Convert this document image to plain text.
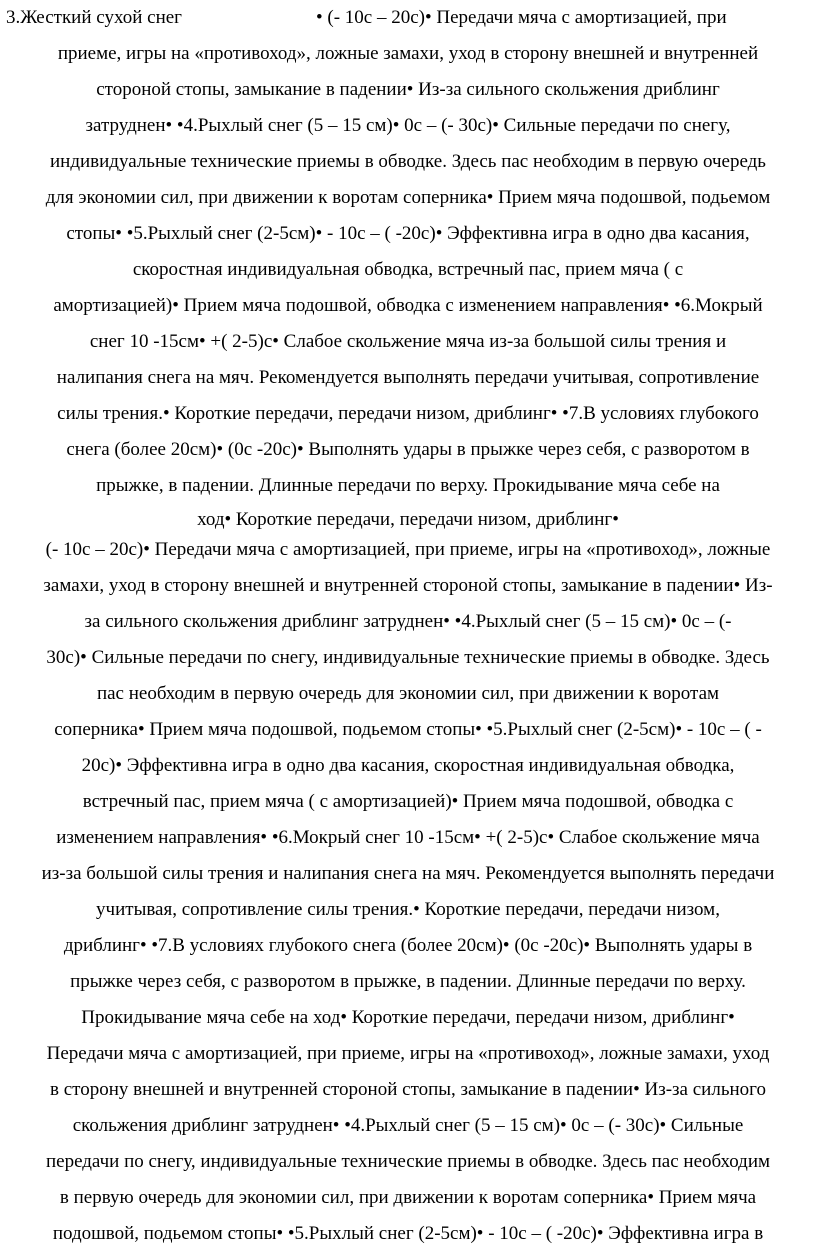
3.Жесткий сухой снег	• (- 10с – 20с)• Передачи мяча с амортизацией, при
приеме, игры на «противоход», ложные замахи, уход в сторону внешней и внутренней
стороной стопы, замыкание в падении• Из-за сильного скольжения дриблинг
затруднен• •4.Рыхлый снег (5 – 15 см)• 0с – (- 30с)• Сильные передачи по снегу,
индивидуальные технические приемы в обводке. Здесь пас необходим в первую очередь
для экономии сил, при движении к воротам соперника• Прием мяча подошвой, подьемом
стопы• •5.Рыхлый снег (2-5см)• - 10с – ( -20с)• Эффективна игра в одно два касания,
скоростная индивидуальная обводка, встречный пас, прием мяча ( с
амортизацией)• Прием мяча подошвой, обводка с изменением направления• •6.Мокрый
снег 10 -15см• +( 2-5)с• Слабое скольжение мяча из-за большой силы трения и
налипания снега на мяч. Рекомендуется выполнять передачи учитывая, сопротивление
силы трения.• Короткие передачи, передачи низом, дриблинг• •7.В условиях глубокого
снега (более 20см)• (0с -20с)• Выполнять удары в прыжке через себя, с разворотом в
прыжке, в падении. Длинные передачи по верху. Прокидывание мяча себе на
ход• Короткие передачи, передачи низом, дриблинг•
(- 10с – 20с)• Передачи мяча с амортизацией, при приеме, игры на «противоход», ложные
замахи, уход в сторону внешней и внутренней стороной стопы, замыкание в падении• Из-
за сильного скольжения дриблинг затруднен• •4.Рыхлый снег (5 – 15 см)• 0с – (-
30с)• Сильные передачи по снегу, индивидуальные технические приемы в обводке. Здесь
пас необходим в первую очередь для экономии сил, при движении к воротам
соперника• Прием мяча подошвой, подьемом стопы• •5.Рыхлый снег (2-5см)• - 10с – ( -
20с)• Эффективна игра в одно два касания, скоростная индивидуальная обводка,
встречный пас, прием мяча ( с амортизацией)• Прием мяча подошвой, обводка с
изменением направления• •6.Мокрый снег 10 -15см• +( 2-5)с• Слабое скольжение мяча
из-за большой силы трения и налипания снега на мяч. Рекомендуется выполнять передачи
учитывая, сопротивление силы трения.• Короткие передачи, передачи низом,
дриблинг• •7.В условиях глубокого снега (более 20см)• (0с -20с)• Выполнять удары в
прыжке через себя, с разворотом в прыжке, в падении. Длинные передачи по верху.
Прокидывание мяча себе на ход• Короткие передачи, передачи низом, дриблинг•
Передачи мяча с амортизацией, при приеме, игры на «противоход», ложные замахи, уход
в сторону внешней и внутренней стороной стопы, замыкание в падении• Из-за сильного
скольжения дриблинг затруднен• •4.Рыхлый снег (5 – 15 см)• 0с – (- 30с)• Сильные
передачи по снегу, индивидуальные технические приемы в обводке. Здесь пас необходим
в первую очередь для экономии сил, при движении к воротам соперника• Прием мяча
подошвой, подьемом стопы• •5.Рыхлый снег (2-5см)• - 10с – ( -20с)• Эффективна игра в
